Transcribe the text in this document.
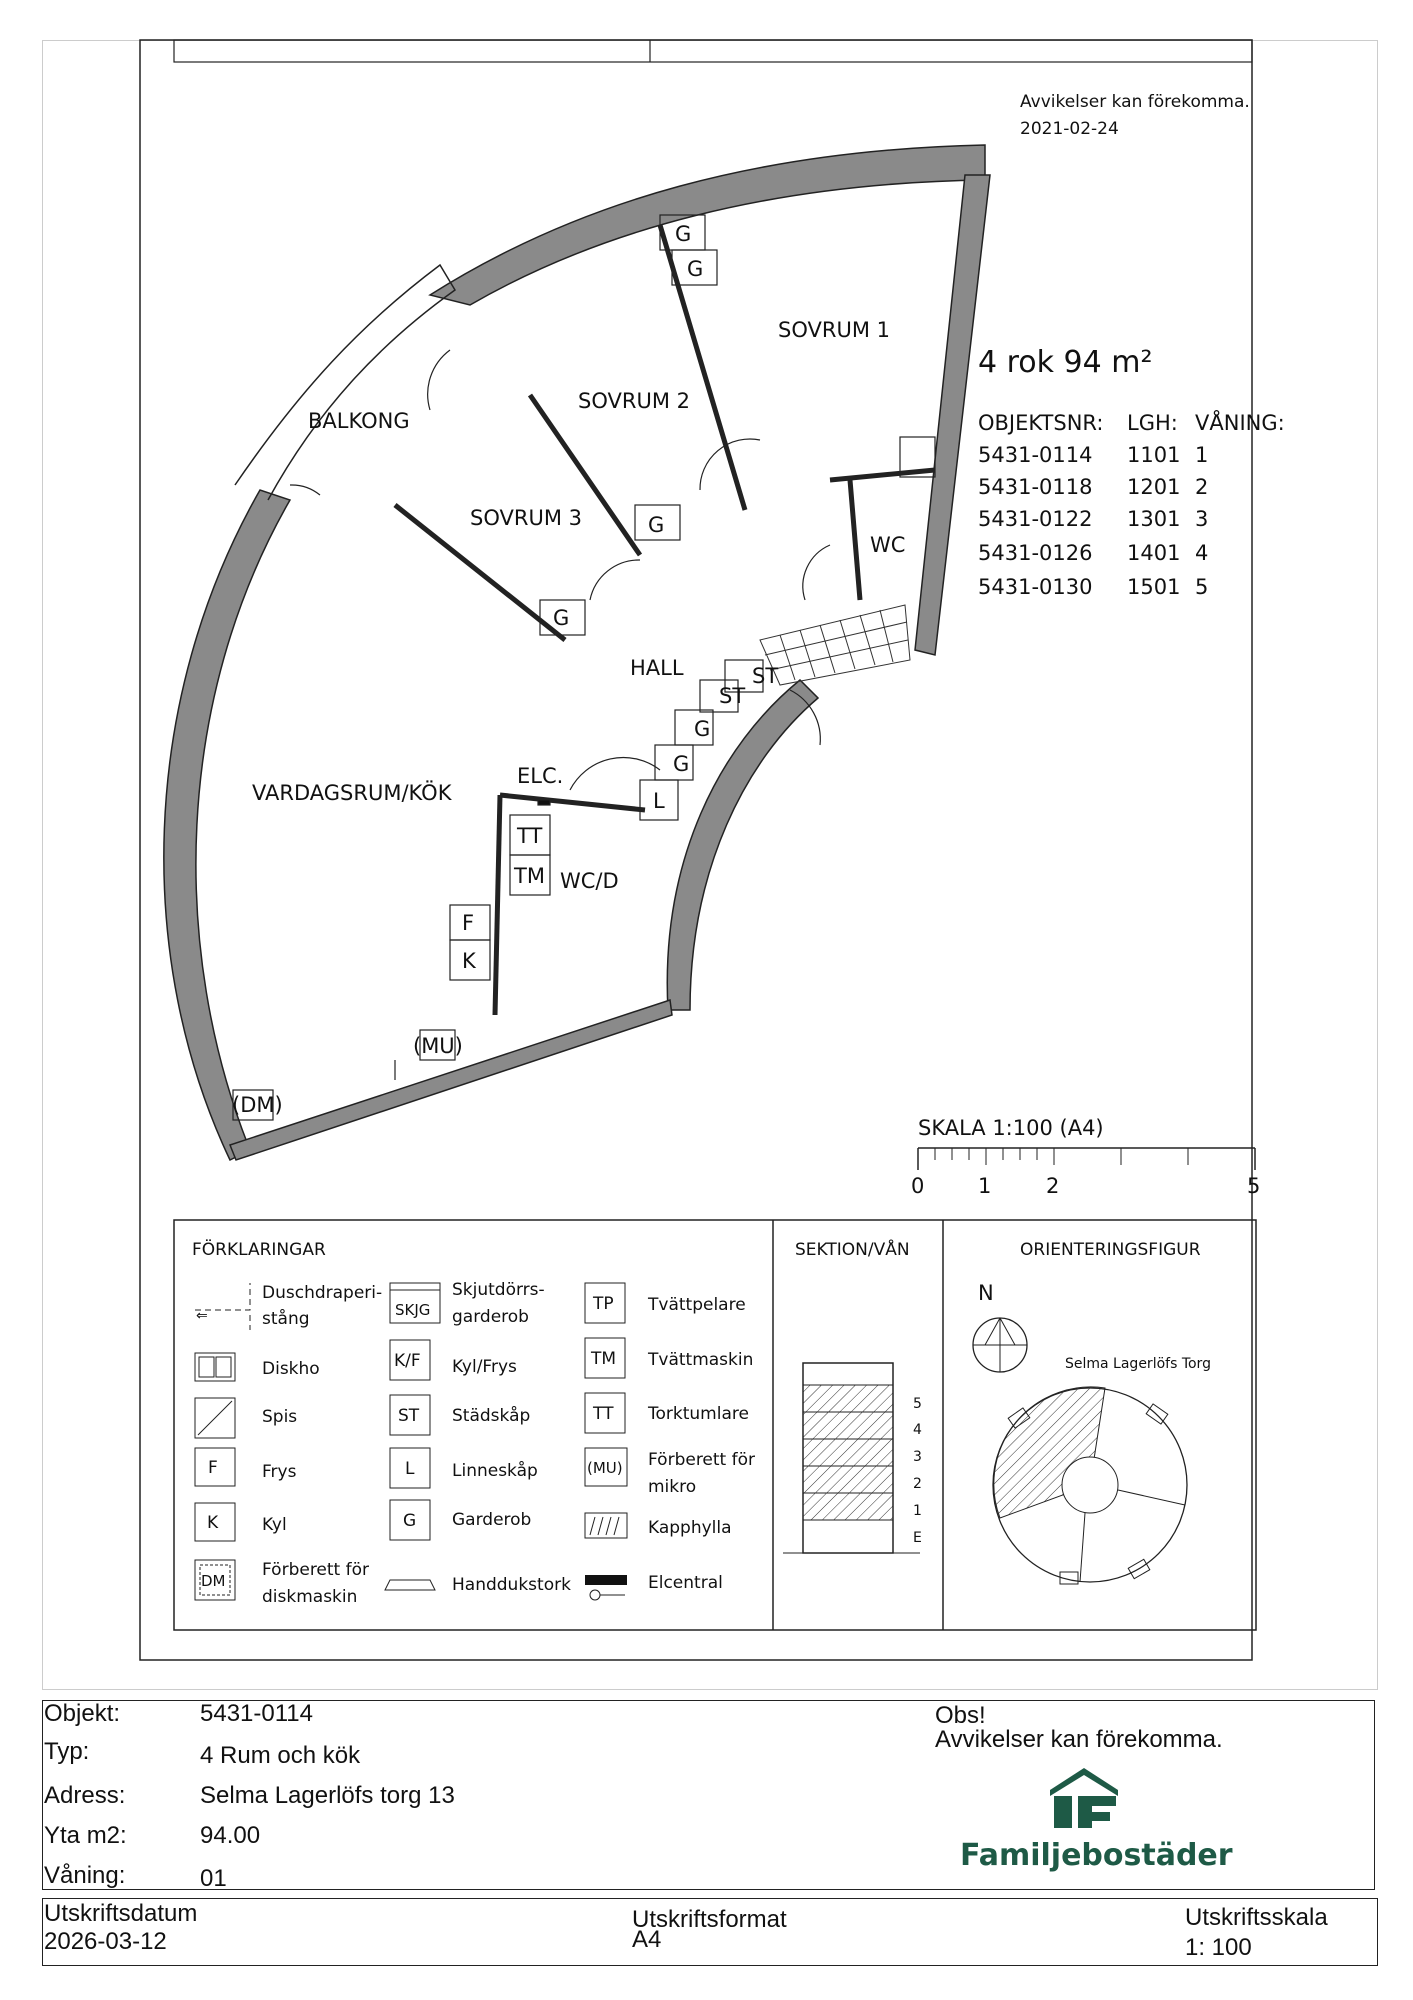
Avvikelser kan förekomma.
2021-02-24
SOVRUM 1
SOVRUM 2
SOVRUM 3
BALKONG
HALL
VARDAGSRUM/KÖK
WC
WC/D
ELC.
G
G
G
G
ST
ST
G
G
L
TT
TM
F
K
(MU)
(DM)
4 rok 94 m²
OBJEKTSNR: LGH: VÅNING:
5431-0114 1101 1
5431-0118 1201 2
5431-0122 1301 3
5431-0126 1401 4
5431-0130 1501 5
SKALA 1:100 (A4)
0	1	2	5
FÖRKLARINGAR
⇐
Duschdraperi-
stång
Diskho
Spis
F	Frys
K	Kyl
DM
Förberett för
diskmaskin
SKJG
Skjutdörrs-
garderob
K/F Kyl/Frys
ST Städskåp
L Linneskåp
G Garderob
Handdukstork
TP Tvättpelare
TM Tvättmaskin
TT Torktumlare
(MU) Förberett för
mikro
Kapphylla
Elcentral
SEKTION/VÅN
5
4
3
2
1
E
ORIENTERINGSFIGUR
N
Selma Lagerlöfs Torg
Objekt:	5431-0114
Typ:	4 Rum och kök
Adress:	Selma Lagerlöfs torg 13
Yta m2:	94.00
Våning:	01
Obs!
Avvikelser kan förekomma.
Familjebostäder
Utskriftsdatum
2026-03-12
Utskriftsformat
A4
Utskriftsskala
1: 100
